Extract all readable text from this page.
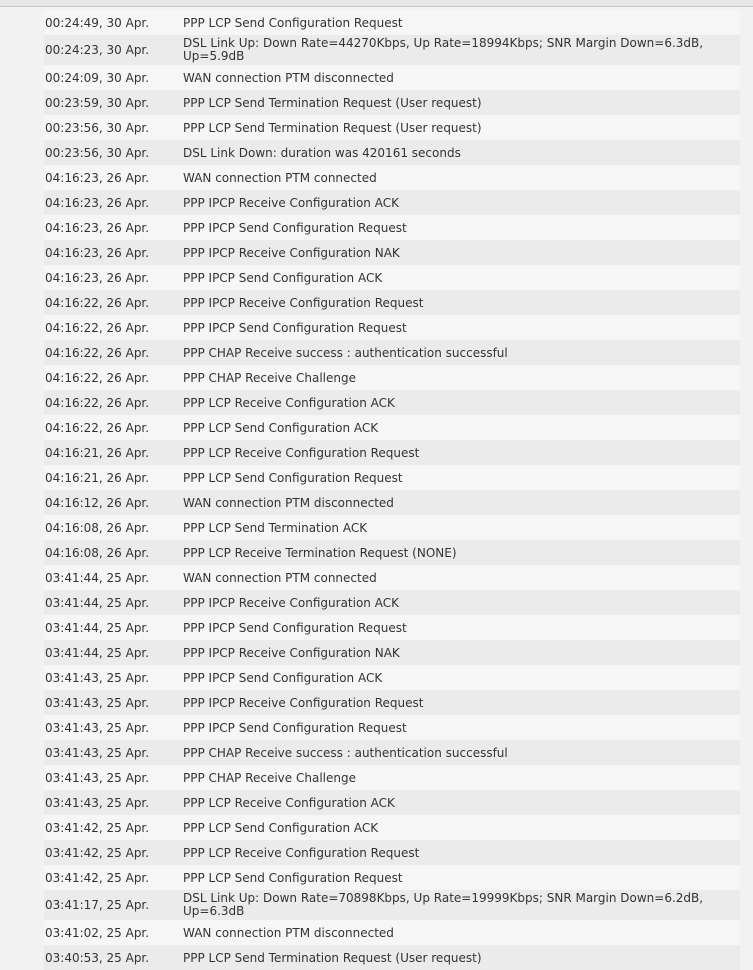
00:24:49, 30 Apr.	PPP LCP Send Configuration Request
00:24:23, 30 Apr.	DSL Link Up: Down Rate=44270Kbps, Up Rate=18994Kbps; SNR Margin Down=6.3dB, Up=5.9dB
00:24:09, 30 Apr.	WAN connection PTM disconnected
00:23:59, 30 Apr.	PPP LCP Send Termination Request (User request)
00:23:56, 30 Apr.	PPP LCP Send Termination Request (User request)
00:23:56, 30 Apr.	DSL Link Down: duration was 420161 seconds
04:16:23, 26 Apr.	WAN connection PTM connected
04:16:23, 26 Apr.	PPP IPCP Receive Configuration ACK
04:16:23, 26 Apr.	PPP IPCP Send Configuration Request
04:16:23, 26 Apr.	PPP IPCP Receive Configuration NAK
04:16:23, 26 Apr.	PPP IPCP Send Configuration ACK
04:16:22, 26 Apr.	PPP IPCP Receive Configuration Request
04:16:22, 26 Apr.	PPP IPCP Send Configuration Request
04:16:22, 26 Apr.	PPP CHAP Receive success : authentication successful
04:16:22, 26 Apr.	PPP CHAP Receive Challenge
04:16:22, 26 Apr.	PPP LCP Receive Configuration ACK
04:16:22, 26 Apr.	PPP LCP Send Configuration ACK
04:16:21, 26 Apr.	PPP LCP Receive Configuration Request
04:16:21, 26 Apr.	PPP LCP Send Configuration Request
04:16:12, 26 Apr.	WAN connection PTM disconnected
04:16:08, 26 Apr.	PPP LCP Send Termination ACK
04:16:08, 26 Apr.	PPP LCP Receive Termination Request (NONE)
03:41:44, 25 Apr.	WAN connection PTM connected
03:41:44, 25 Apr.	PPP IPCP Receive Configuration ACK
03:41:44, 25 Apr.	PPP IPCP Send Configuration Request
03:41:44, 25 Apr.	PPP IPCP Receive Configuration NAK
03:41:43, 25 Apr.	PPP IPCP Send Configuration ACK
03:41:43, 25 Apr.	PPP IPCP Receive Configuration Request
03:41:43, 25 Apr.	PPP IPCP Send Configuration Request
03:41:43, 25 Apr.	PPP CHAP Receive success : authentication successful
03:41:43, 25 Apr.	PPP CHAP Receive Challenge
03:41:43, 25 Apr.	PPP LCP Receive Configuration ACK
03:41:42, 25 Apr.	PPP LCP Send Configuration ACK
03:41:42, 25 Apr.	PPP LCP Receive Configuration Request
03:41:42, 25 Apr.	PPP LCP Send Configuration Request
03:41:17, 25 Apr.	DSL Link Up: Down Rate=70898Kbps, Up Rate=19999Kbps; SNR Margin Down=6.2dB, Up=6.3dB
03:41:02, 25 Apr.	WAN connection PTM disconnected
03:40:53, 25 Apr.	PPP LCP Send Termination Request (User request)
